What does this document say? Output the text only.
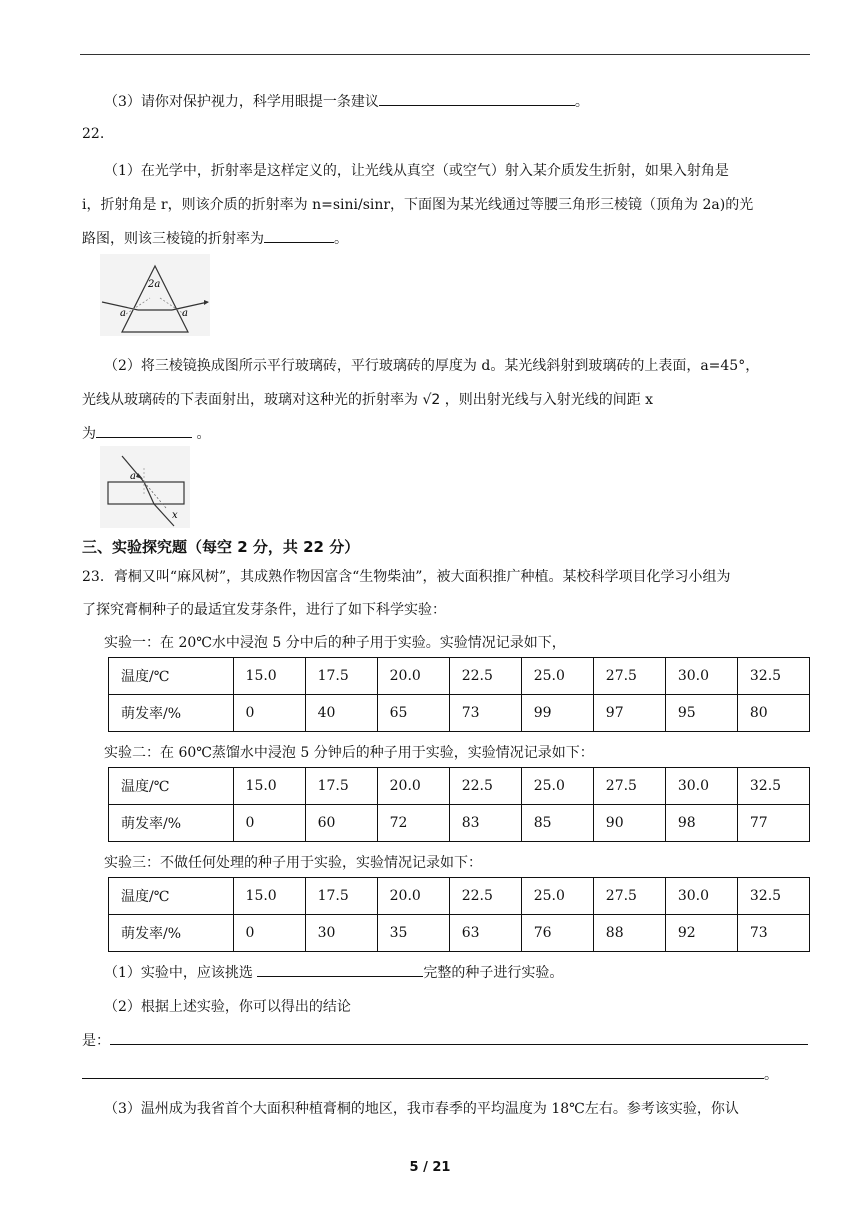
（3）请你对保护视力，科学用眼提一条建议	。
22.
（1）在光学中，折射率是这样定义的，让光线从真空（或空气）射入某介质发生折射，如果入射角是
i，折射角是 r，则该介质的折射率为 n=sini/sinr，下面图为某光线通过等腰三角形三棱镜（顶角为 2a)的光
路图，则该三棱镜的折射率为	。
2a
a	a
（2）将三棱镜换成图所示平行玻璃砖，平行玻璃砖的厚度为 d。某光线斜射到玻璃砖的上表面，a=45°，
光线从玻璃砖的下表面射出，玻璃对这种光的折射率为 √2 ，则出射光线与入射光线的间距 x
为	。
a
x
三、实验探究题（每空 2 分，共 22 分）
23．膏桐又叫“麻风树”，其成熟作物因富含“生物柴油”，被大面积推广种植。某校科学项目化学习小组为
了探究膏桐种子的最适宜发芽条件，进行了如下科学实验：
实验一：在 20℃水中浸泡 5 分中后的种子用于实验。实验情况记录如下，
温度/℃	15.0	17.5	20.0	22.5	25.0	27.5	30.0	32.5
萌发率/%	0	40	65	73	99	97	95	80
实验二：在 60℃蒸馏水中浸泡 5 分钟后的种子用于实验，实验情况记录如下：
温度/℃	15.0	17.5	20.0	22.5	25.0	27.5	30.0	32.5
萌发率/%	0	60	72	83	85	90	98	77
实验三：不做任何处理的种子用于实验，实验情况记录如下：
温度/℃	15.0	17.5	20.0	22.5	25.0	27.5	30.0	32.5
萌发率/%	0	30	35	63	76	88	92	73
（1）实验中，应该挑选	完整的种子进行实验。
（2）根据上述实验，你可以得出的结论
是：
。
（3）温州成为我省首个大面积种植膏桐的地区，我市春季的平均温度为 18℃左右。参考该实验，你认
5 / 21
